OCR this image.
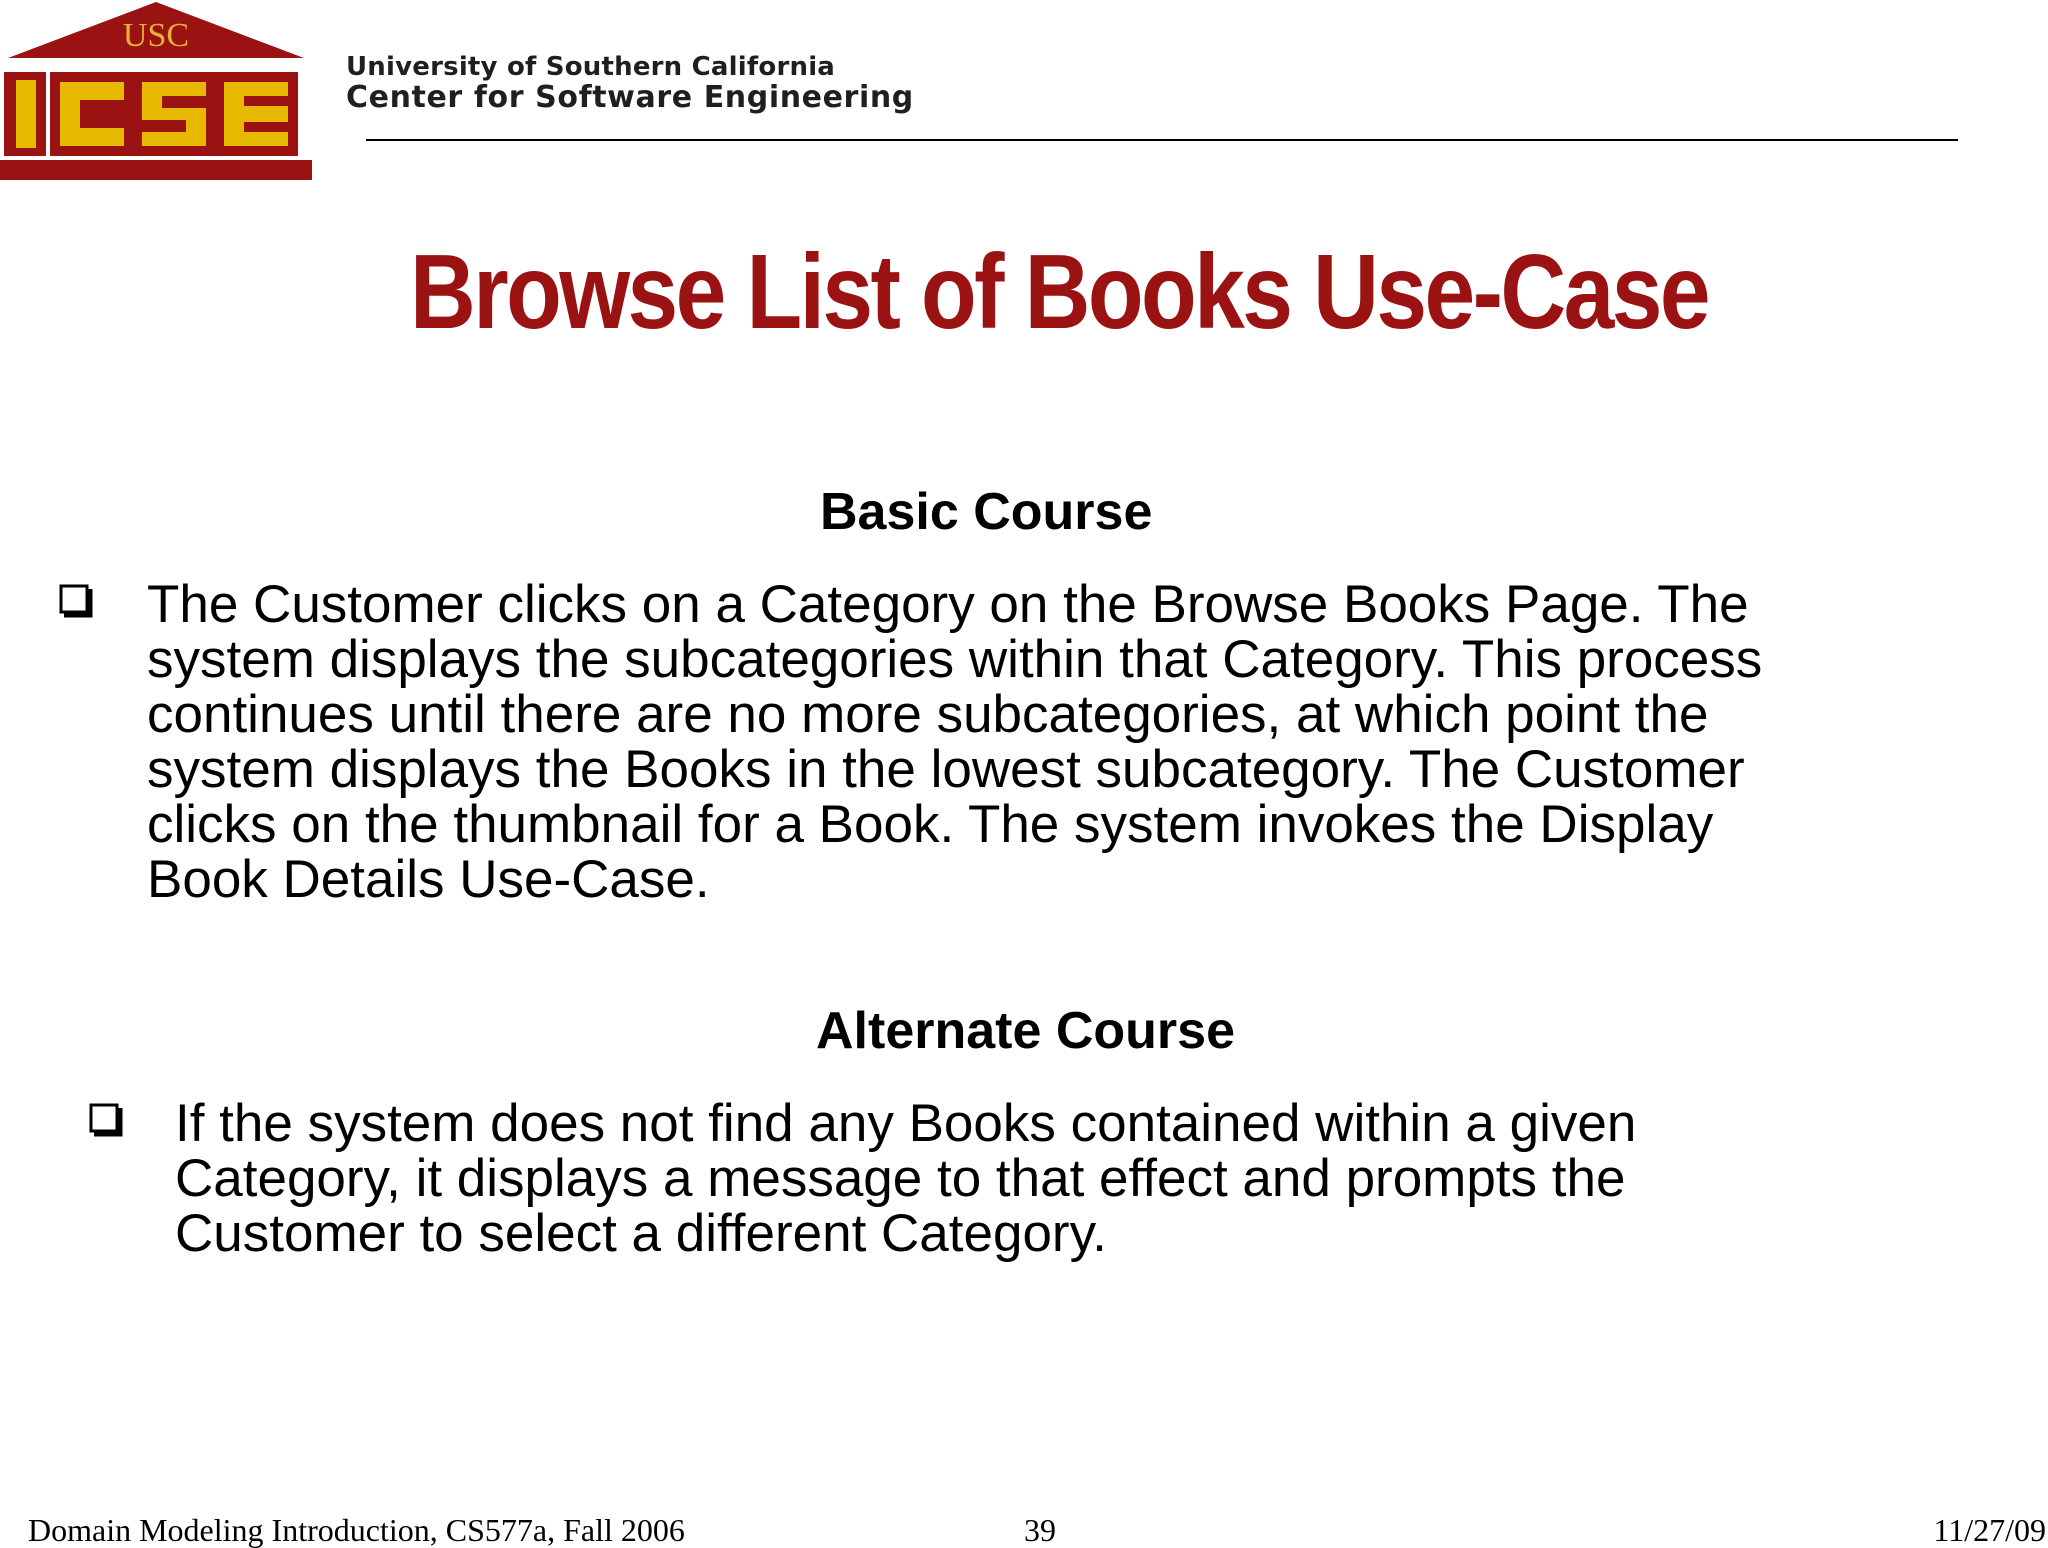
USC
University of Southern California
Center for Software Engineering
Browse List of Books Use-Case
Basic Course
The Customer clicks on a Category on the Browse Books Page. The
system displays the subcategories within that Category. This process
continues until there are no more subcategories, at which point the
system displays the Books in the lowest subcategory. The Customer
clicks on the thumbnail for a Book. The system invokes the Display
Book Details Use-Case.
Alternate Course
If the system does not find any Books contained within a given
Category, it displays a message to that effect and prompts the
Customer to select a different Category.
Domain Modeling Introduction, CS577a, Fall 2006	39	11/27/09
